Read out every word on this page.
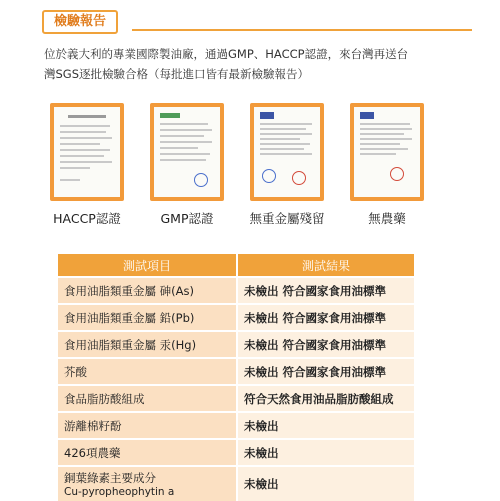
檢驗報告
位於義大利的專業國際製油廠，通過GMP、HACCP認證，來台灣再送台
灣SGS逐批檢驗合格（每批進口皆有最新檢驗報告）
HACCP認證	GMP認證	無重金屬殘留	無農藥
測試項目	測試結果
食用油脂類重金屬 砷(As)	未檢出 符合國家食用油標準
食用油脂類重金屬 鉛(Pb)	未檢出 符合國家食用油標準
食用油脂類重金屬 汞(Hg)	未檢出 符合國家食用油標準
芥酸	未檢出 符合國家食用油標準
食品脂肪酸組成	符合天然食用油品脂肪酸組成
游離棉籽酚	未檢出
426項農藥	未檢出

銅葉綠素主要成分
Cu-pyropheophytin a	未檢出
